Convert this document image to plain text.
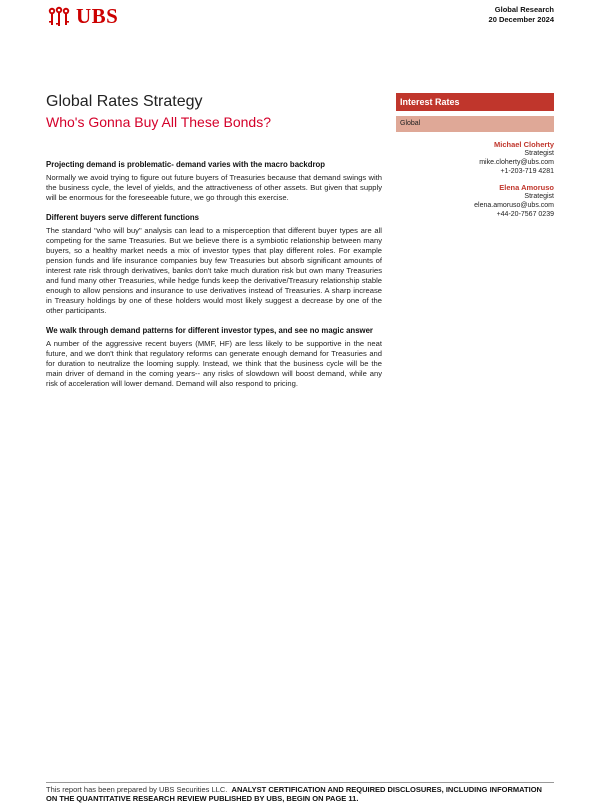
UBS	Global Research
20 December 2024
Global Rates Strategy
Who's Gonna Buy All These Bonds?
Interest Rates
Global
Michael Cloherty
Strategist
mike.cloherty@ubs.com
+1-203-719 4281
Elena Amoruso
Strategist
elena.amoruso@ubs.com
+44-20-7567 0239
Projecting demand is problematic- demand varies with the macro backdrop

Normally we avoid trying to figure out future buyers of Treasuries because that demand swings with the business cycle, the level of yields, and the attractiveness of other assets. But given that supply will be enormous for the foreseeable future, we go through this exercise.

Different buyers serve different functions

The standard "who will buy" analysis can lead to a misperception that different buyer types are all competing for the same Treasuries. But we believe there is a symbiotic relationship between many buyers, so a healthy market needs a mix of investor types that play different roles. For example pension funds and life insurance companies buy few Treasuries but absorb significant amounts of interest rate risk through derivatives, banks don't take much duration risk but own many Treasuries and fund many other Treasuries, while hedge funds keep the derivative/Treasury relationship stable enough to allow pensions and insurance to use derivatives instead of Treasuries. A sharp increase in Treasury holdings by one of these holders would most likely suggest a decrease by one of the other participants.

We walk through demand patterns for different investor types, and see no magic answer

A number of the aggressive recent buyers (MMF, HF) are less likely to be supportive in the neat future, and we don't think that regulatory reforms can generate enough demand for Treasuries and for duration to neutralize the looming supply. Instead, we think that the business cycle will be the main driver of demand in the coming years-- any risks of slowdown will boost demand, while any risk of acceleration will lower demand. Demand will also respond to pricing.

This report has been prepared by UBS Securities LLC. ANALYST CERTIFICATION AND REQUIRED DISCLOSURES, INCLUDING INFORMATION ON THE QUANTITATIVE RESEARCH REVIEW PUBLISHED BY UBS, BEGIN ON PAGE 11.
